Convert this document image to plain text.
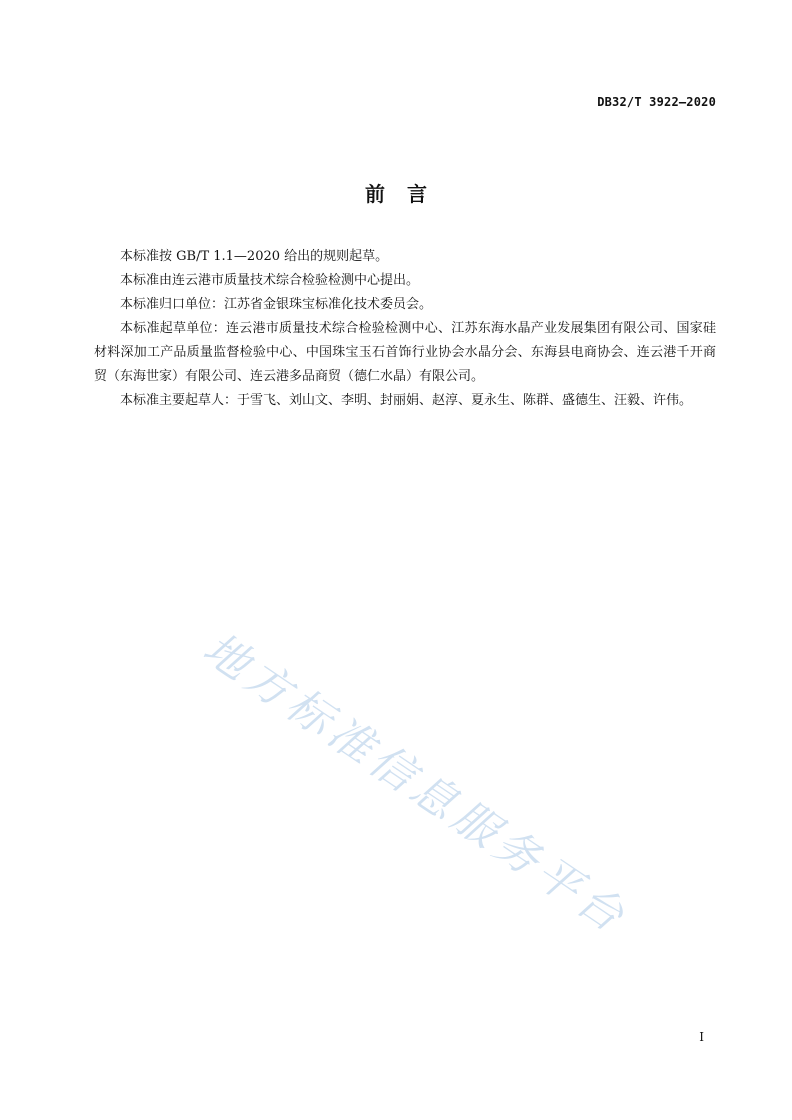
DB32/T 3922—2020

前言

本标准按 GB/T 1.1—2020 给出的规则起草。

本标准由连云港市质量技术综合检验检测中心提出。

本标准归口单位：江苏省金银珠宝标准化技术委员会。

本标准起草单位：连云港市质量技术综合检验检测中心、江苏东海水晶产业发展集团有限公司、国家硅材料深加工产品质量监督检验中心、中国珠宝玉石首饰行业协会水晶分会、东海县电商协会、连云港千开商贸（东海世家）有限公司、连云港多品商贸（德仁水晶）有限公司。

本标准主要起草人：于雪飞、刘山文、李明、封丽娟、赵淳、夏永生、陈群、盛德生、汪毅、许伟。

地方标准信息服务平台

I
